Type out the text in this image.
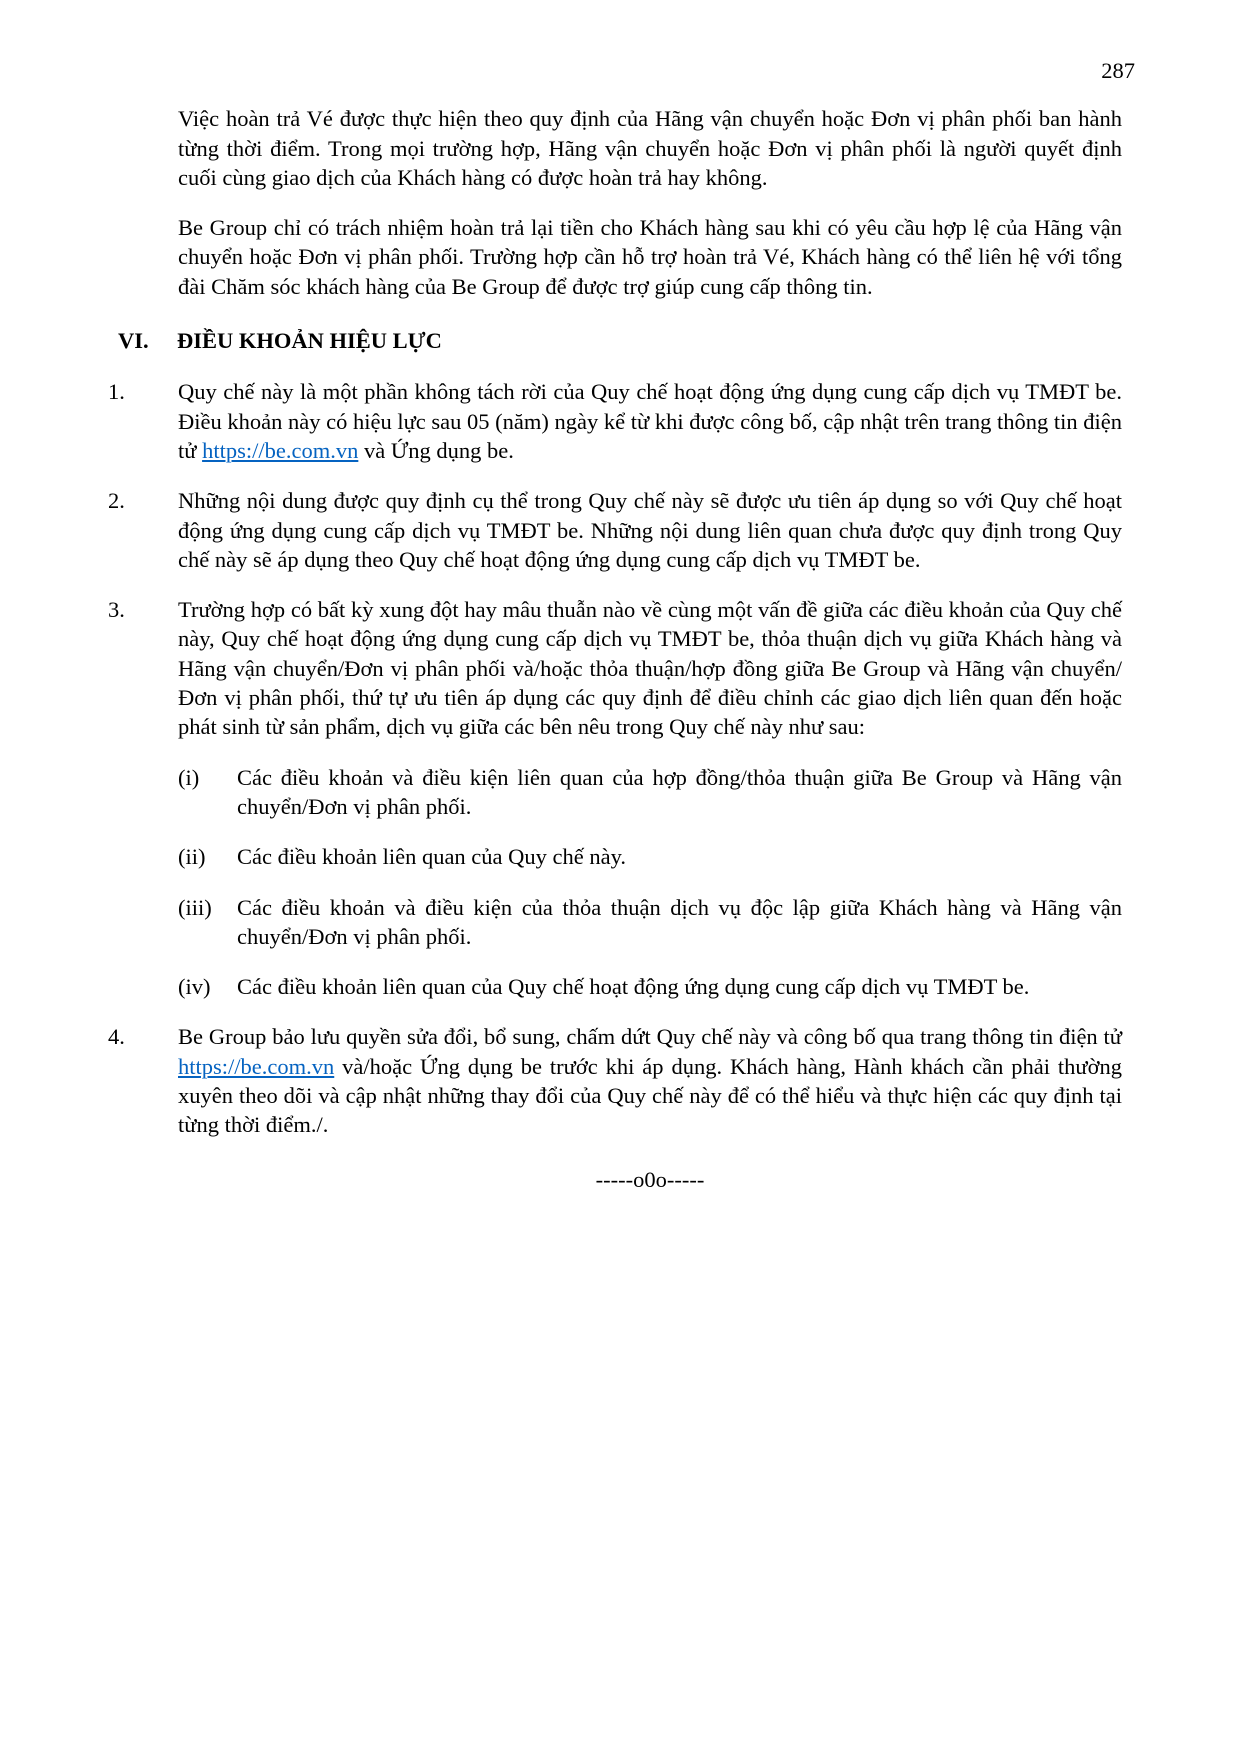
287
Việc hoàn trả Vé được thực hiện theo quy định của Hãng vận chuyển hoặc Đơn vị phân phối ban hành từng thời điểm. Trong mọi trường hợp, Hãng vận chuyển hoặc Đơn vị phân phối là người quyết định cuối cùng giao dịch của Khách hàng có được hoàn trả hay không.
Be Group chỉ có trách nhiệm hoàn trả lại tiền cho Khách hàng sau khi có yêu cầu hợp lệ của Hãng vận chuyển hoặc Đơn vị phân phối. Trường hợp cần hỗ trợ hoàn trả Vé, Khách hàng có thể liên hệ với tổng đài Chăm sóc khách hàng của Be Group để được trợ giúp cung cấp thông tin.
VI.	ĐIỀU KHOẢN HIỆU LỰC
1.	Quy chế này là một phần không tách rời của Quy chế hoạt động ứng dụng cung cấp dịch vụ TMĐT be. Điều khoản này có hiệu lực sau 05 (năm) ngày kể từ khi được công bố, cập nhật trên trang thông tin điện tử https://be.com.vn và Ứng dụng be.
2.	Những nội dung được quy định cụ thể trong Quy chế này sẽ được ưu tiên áp dụng so với Quy chế hoạt động ứng dụng cung cấp dịch vụ TMĐT be. Những nội dung liên quan chưa được quy định trong Quy chế này sẽ áp dụng theo Quy chế hoạt động ứng dụng cung cấp dịch vụ TMĐT be.
3.	Trường hợp có bất kỳ xung đột hay mâu thuẫn nào về cùng một vấn đề giữa các điều khoản của Quy chế này, Quy chế hoạt động ứng dụng cung cấp dịch vụ TMĐT be, thỏa thuận dịch vụ giữa Khách hàng và Hãng vận chuyển/Đơn vị phân phối và/hoặc thỏa thuận/hợp đồng giữa Be Group và Hãng vận chuyển/Đơn vị phân phối, thứ tự ưu tiên áp dụng các quy định để điều chỉnh các giao dịch liên quan đến hoặc phát sinh từ sản phẩm, dịch vụ giữa các bên nêu trong Quy chế này như sau:
(i)	Các điều khoản và điều kiện liên quan của hợp đồng/thỏa thuận giữa Be Group và Hãng vận chuyển/Đơn vị phân phối.
(ii)	Các điều khoản liên quan của Quy chế này.
(iii)	Các điều khoản và điều kiện của thỏa thuận dịch vụ độc lập giữa Khách hàng và Hãng vận chuyển/Đơn vị phân phối.
(iv)	Các điều khoản liên quan của Quy chế hoạt động ứng dụng cung cấp dịch vụ TMĐT be.
4.	Be Group bảo lưu quyền sửa đổi, bổ sung, chấm dứt Quy chế này và công bố qua trang thông tin điện tử https://be.com.vn và/hoặc Ứng dụng be trước khi áp dụng. Khách hàng, Hành khách cần phải thường xuyên theo dõi và cập nhật những thay đổi của Quy chế này để có thể hiểu và thực hiện các quy định tại từng thời điểm./.
-----o0o-----
